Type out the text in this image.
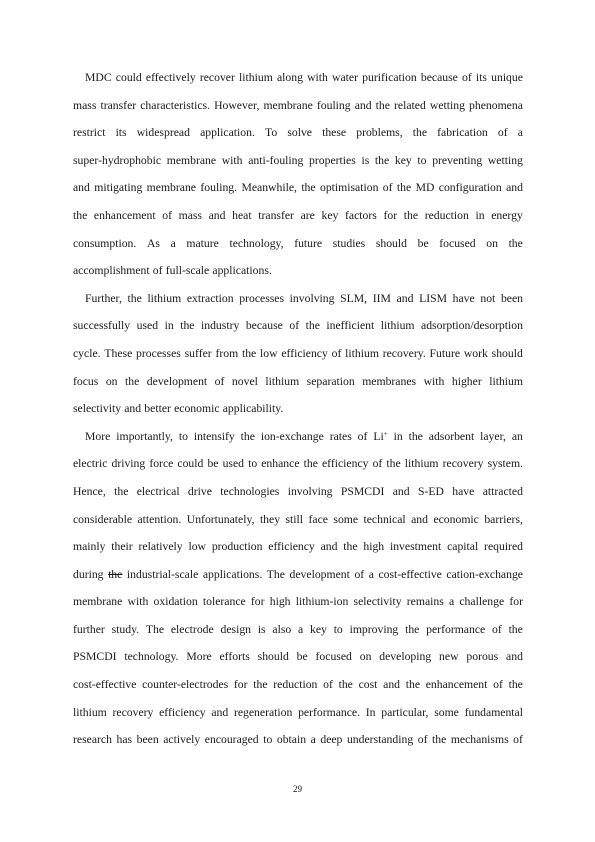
MDC could effectively recover lithium along with water purification because of its unique
mass transfer characteristics. However, membrane fouling and the related wetting phenomena
restrict its widespread application. To solve these problems, the fabrication of a
super-hydrophobic membrane with anti-fouling properties is the key to preventing wetting
and mitigating membrane fouling. Meanwhile, the optimisation of the MD configuration and
the enhancement of mass and heat transfer are key factors for the reduction in energy
consumption. As a mature technology, future studies should be focused on the
accomplishment of full-scale applications.
Further, the lithium extraction processes involving SLM, IIM and LISM have not been
successfully used in the industry because of the inefficient lithium adsorption/desorption
cycle. These processes suffer from the low efficiency of lithium recovery. Future work should
focus on the development of novel lithium separation membranes with higher lithium
selectivity and better economic applicability.
More importantly, to intensify the ion-exchange rates of Li+ in the adsorbent layer, an
electric driving force could be used to enhance the efficiency of the lithium recovery system.
Hence, the electrical drive technologies involving PSMCDI and S-ED have attracted
considerable attention. Unfortunately, they still face some technical and economic barriers,
mainly their relatively low production efficiency and the high investment capital required
during the industrial-scale applications. The development of a cost-effective cation-exchange
membrane with oxidation tolerance for high lithium-ion selectivity remains a challenge for
further study. The electrode design is also a key to improving the performance of the
PSMCDI technology. More efforts should be focused on developing new porous and
cost-effective counter-electrodes for the reduction of the cost and the enhancement of the
lithium recovery efficiency and regeneration performance. In particular, some fundamental
research has been actively encouraged to obtain a deep understanding of the mechanisms of
29
